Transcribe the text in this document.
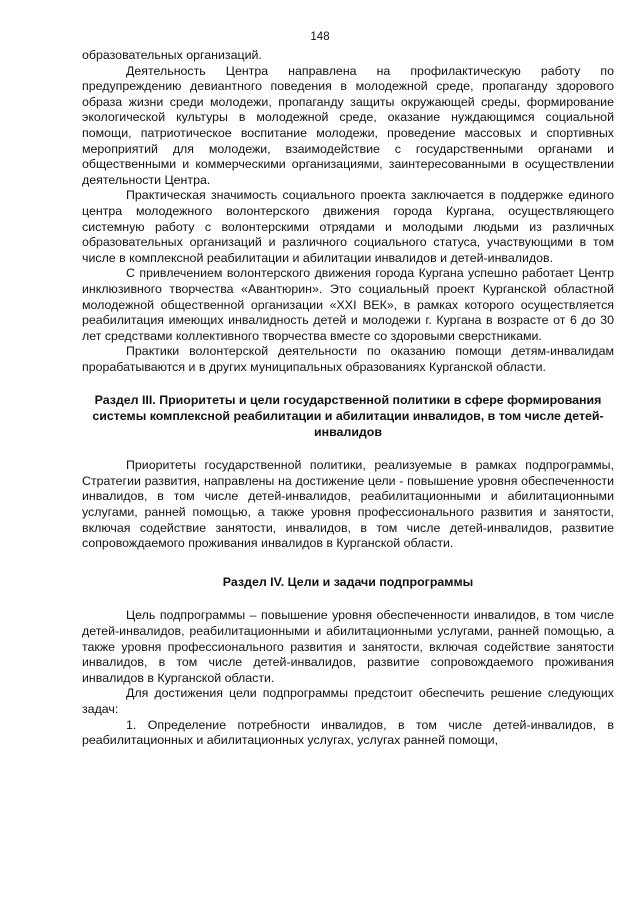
148

образовательных организаций.

Деятельность Центра направлена на профилактическую работу по предупреждению девиантного поведения в молодежной среде, пропаганду здорового образа жизни среди молодежи, пропаганду защиты окружающей среды, формирование экологической культуры в молодежной среде, оказание нуждающимся социальной помощи, патриотическое воспитание молодежи, проведение массовых и спортивных мероприятий для молодежи, взаимодействие с государственными органами и общественными и коммерческими организациями, заинтересованными в осуществлении деятельности Центра.

Практическая значимость социального проекта заключается в поддержке единого центра молодежного волонтерского движения города Кургана, осуществляющего системную работу с волонтерскими отрядами и молодыми людьми из различных образовательных организаций и различного социального статуса, участвующими в том числе в комплексной реабилитации и абилитации инвалидов и детей-инвалидов.

С привлечением волонтерского движения города Кургана успешно работает Центр инклюзивного творчества «Авантюрин». Это социальный проект Курганской областной молодежной общественной организации «XXI ВЕК», в рамках которого осуществляется реабилитация имеющих инвалидность детей и молодежи г. Кургана в возрасте от 6 до 30 лет средствами коллективного творчества вместе со здоровыми сверстниками.

Практики волонтерской деятельности по оказанию помощи детям-инвалидам прорабатываются и в других муниципальных образованиях Курганской области.

Раздел III. Приоритеты и цели государственной политики в сфере формирования системы комплексной реабилитации и абилитации инвалидов, в том числе детей-инвалидов

Приоритеты государственной политики, реализуемые в рамках подпрограммы, Стратегии развития, направлены на достижение цели - повышение уровня обеспеченности инвалидов, в том числе детей-инвалидов, реабилитационными и абилитационными услугами, ранней помощью, а также уровня профессионального развития и занятости, включая содействие занятости, инвалидов, в том числе детей-инвалидов, развитие сопровождаемого проживания инвалидов в Курганской области.

Раздел IV. Цели и задачи подпрограммы

Цель подпрограммы – повышение уровня обеспеченности инвалидов, в том числе детей-инвалидов, реабилитационными и абилитационными услугами, ранней помощью, а также уровня профессионального развития и занятости, включая содействие занятости инвалидов, в том числе детей-инвалидов, развитие сопровождаемого проживания инвалидов в Курганской области.

Для достижения цели подпрограммы предстоит обеспечить решение следующих задач:

1. Определение потребности инвалидов, в том числе детей-инвалидов, в реабилитационных и абилитационных услугах, услугах ранней помощи,
